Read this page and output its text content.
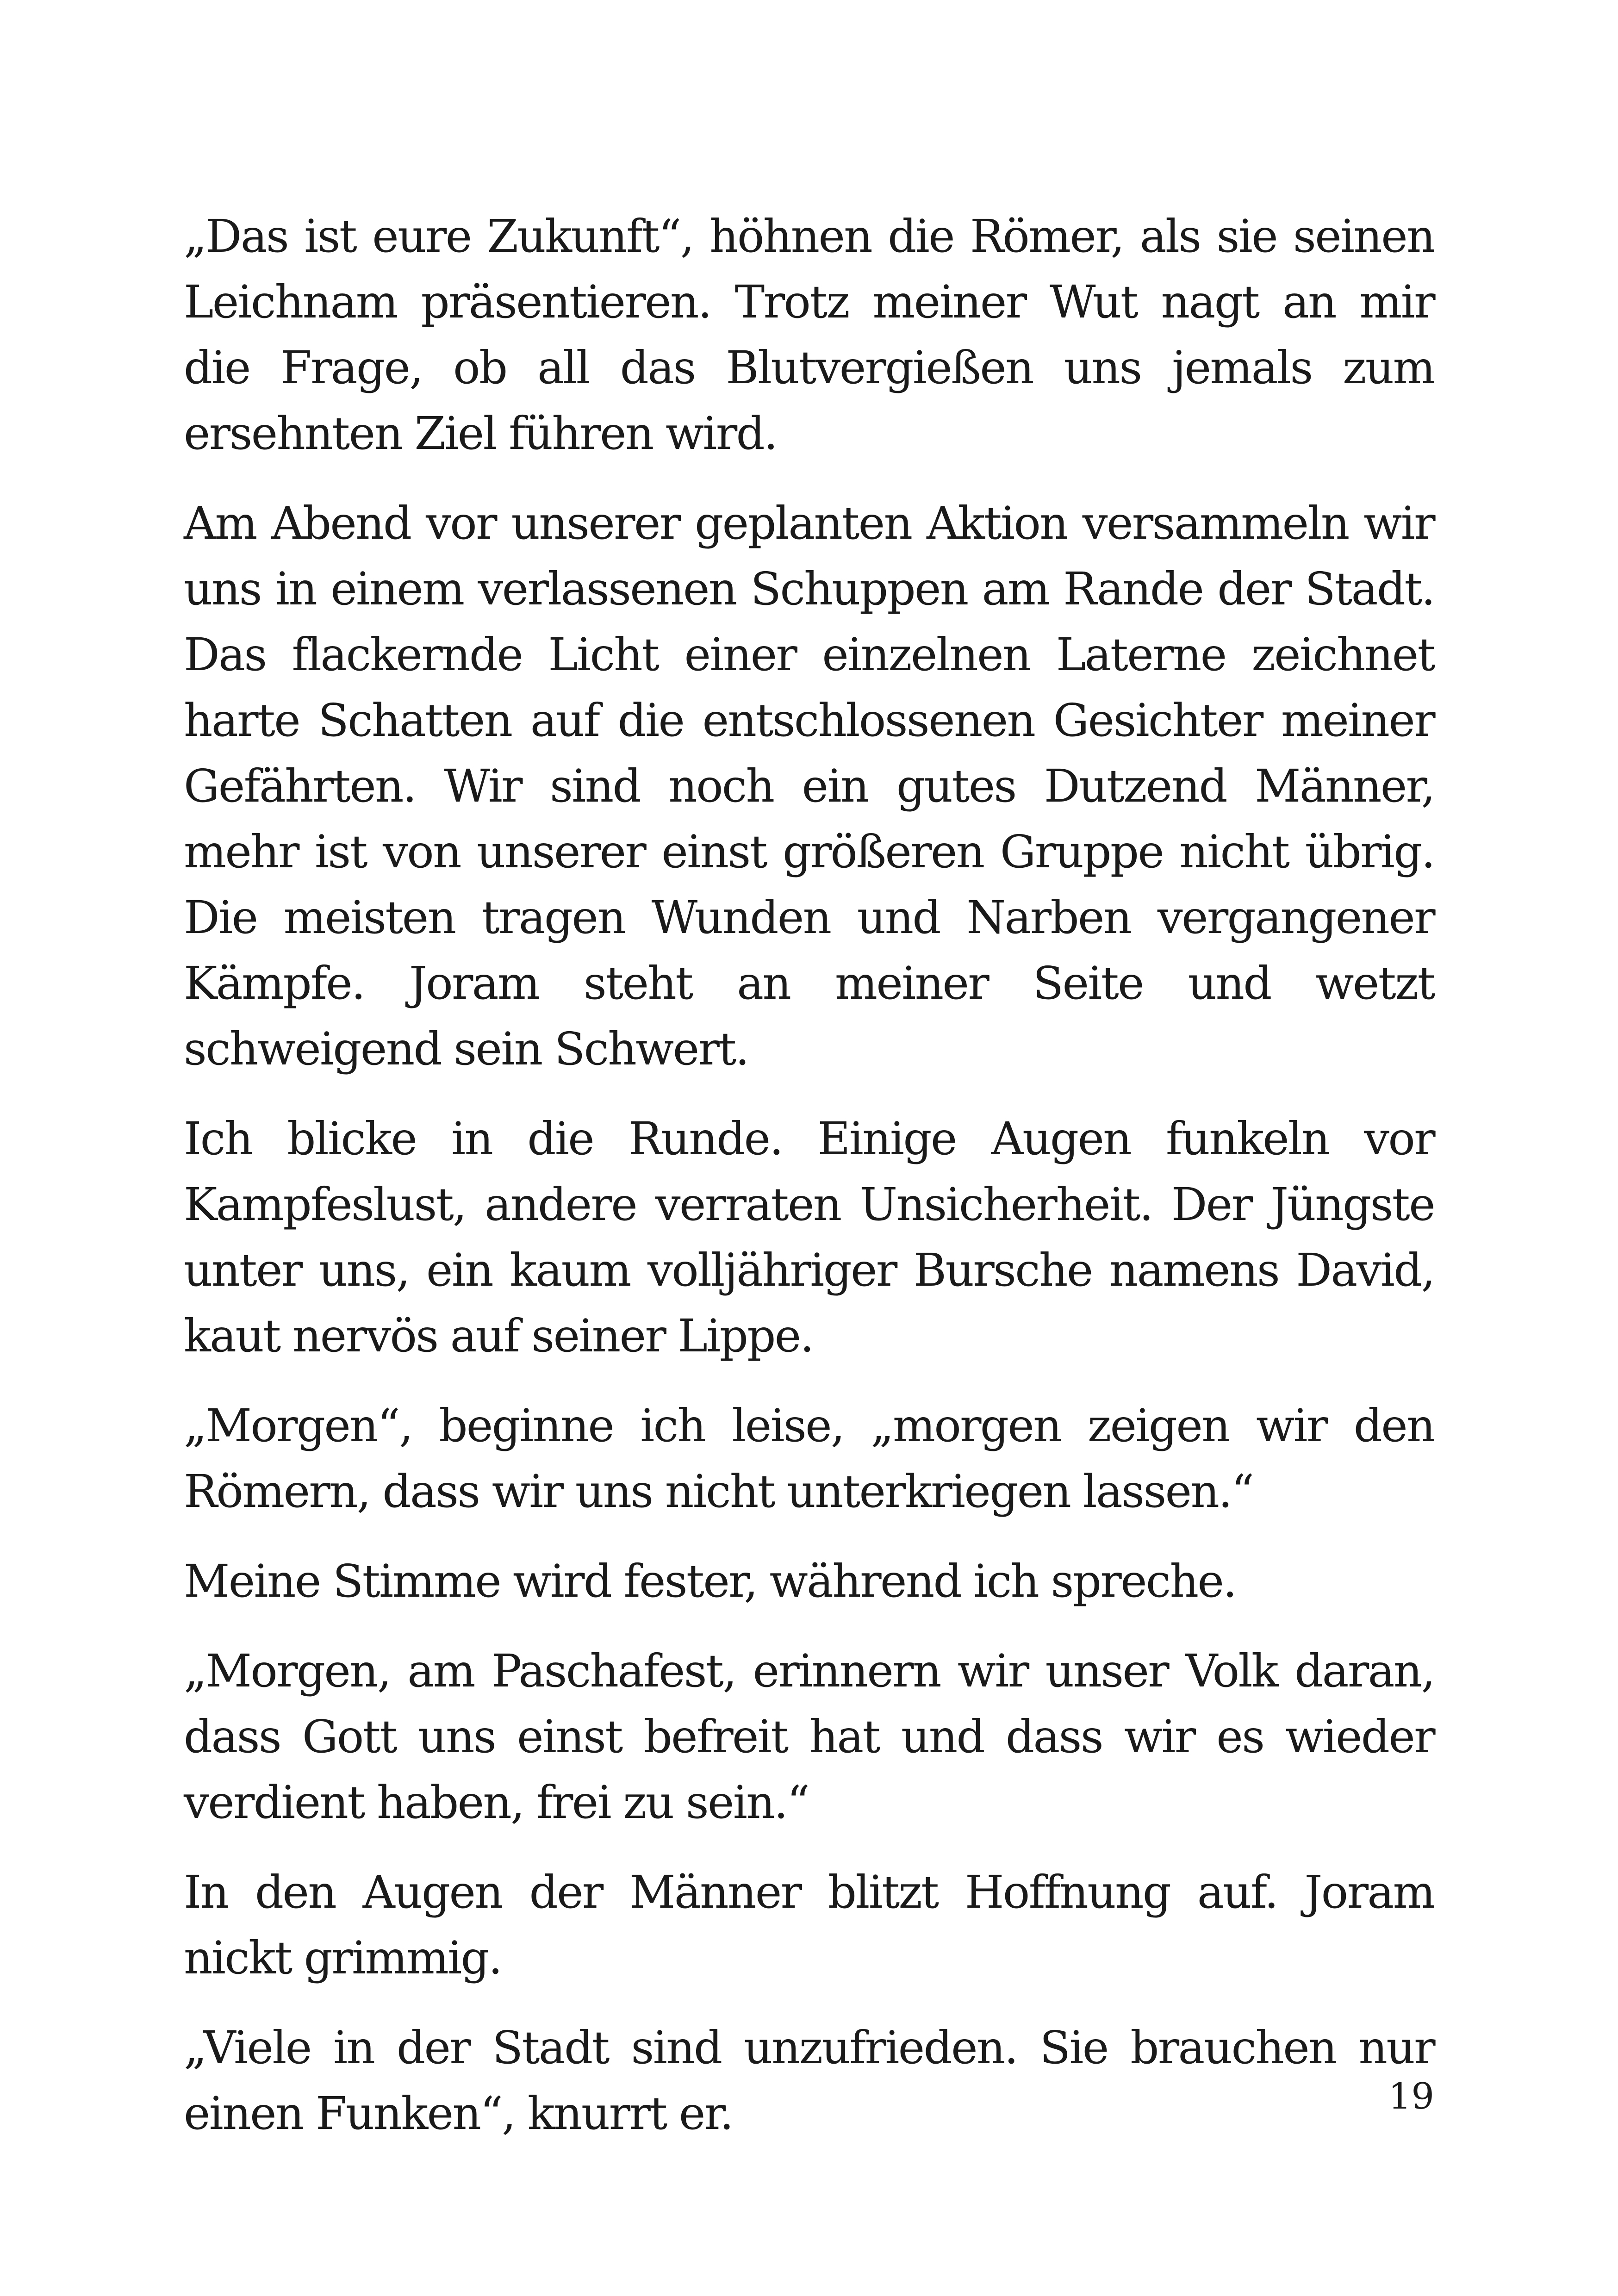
„Das ist eure Zukunft“, höhnen die Römer, als sie seinen Leichnam präsentieren. Trotz meiner Wut nagt an mir die Frage, ob all das Blutvergießen uns jemals zum ersehnten Ziel führen wird.

Am Abend vor unserer geplanten Aktion versammeln wir uns in einem verlassenen Schuppen am Rande der Stadt. Das flackernde Licht einer einzelnen Laterne zeichnet harte Schatten auf die entschlossenen Gesichter meiner Gefährten. Wir sind noch ein gutes Dutzend Männer, mehr ist von unserer einst größeren Gruppe nicht übrig. Die meisten tragen Wunden und Narben vergangener Kämpfe. Joram steht an meiner Seite und wetzt schweigend sein Schwert.

Ich blicke in die Runde. Einige Augen funkeln vor Kampfeslust, andere verraten Unsicherheit. Der Jüngste unter uns, ein kaum volljähriger Bursche namens David, kaut nervös auf seiner Lippe.

„Morgen“, beginne ich leise, „morgen zeigen wir den Römern, dass wir uns nicht unterkriegen lassen.“

Meine Stimme wird fester, während ich spreche.

„Morgen, am Paschafest, erinnern wir unser Volk daran, dass Gott uns einst befreit hat und dass wir es wieder verdient haben, frei zu sein.“

In den Augen der Männer blitzt Hoffnung auf. Joram nickt grimmig.

„Viele in der Stadt sind unzufrieden. Sie brauchen nur einen Funken“, knurrt er.	19
